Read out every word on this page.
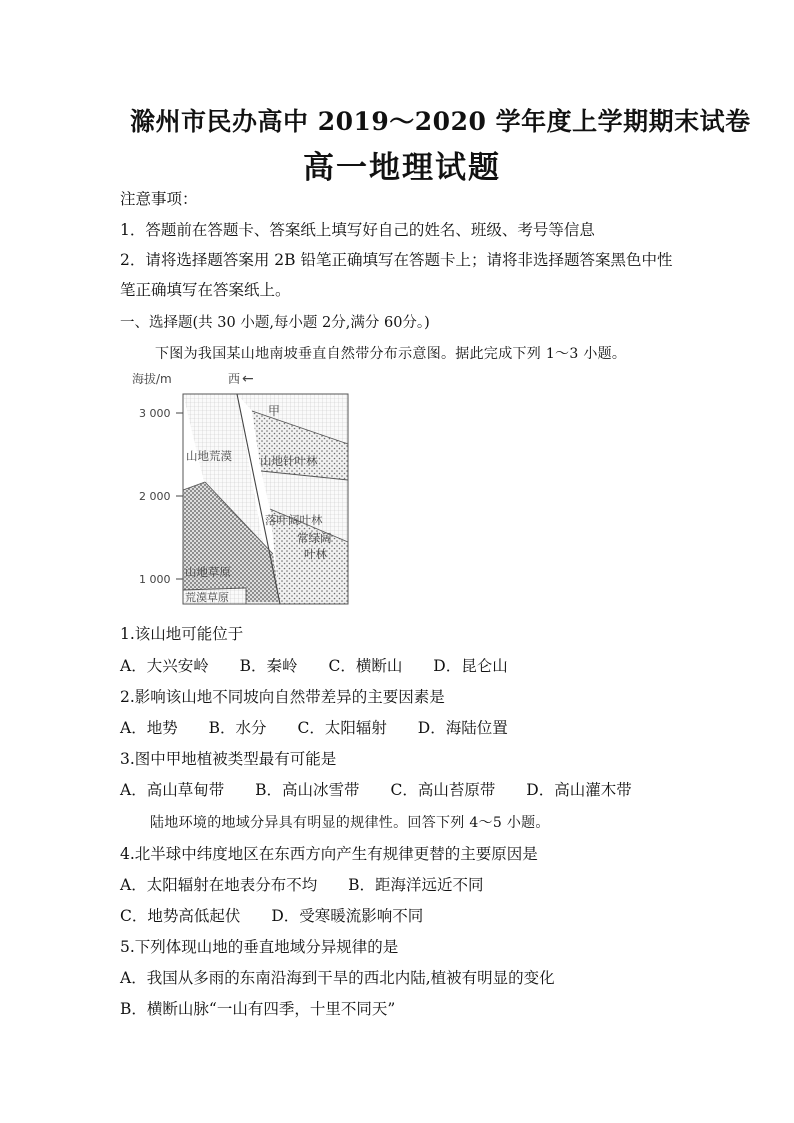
滁州市民办高中 2019～2020 学年度上学期期末试卷
高一地理试题
注意事项：
1．答题前在答题卡、答案纸上填写好自己的姓名、班级、考号等信息
2．请将选择题答案用 2B 铅笔正确填写在答题卡上；请将非选择题答案黑色中性
笔正确填写在答案纸上。
一、选择题(共 30 小题,每小题 2分,满分 60分。)
下图为我国某山地南坡垂直自然带分布示意图。据此完成下列 1～3 小题。
海拔/m	西 ←
3 000
2 000
1 000
甲
山地荒漠 山地针叶林
落叶阔叶林
常绿阔
叶林
山地草原
荒漠草原
1.该山地可能位于
A．大兴安岭 B．秦岭 C．横断山 D．昆仑山
2.影响该山地不同坡向自然带差异的主要因素是
A．地势 B．水分 C．太阳辐射 D．海陆位置
3.图中甲地植被类型最有可能是
A．高山草甸带 B．高山冰雪带 C．高山苔原带 D．高山灌木带
陆地环境的地域分异具有明显的规律性。回答下列 4～5 小题。
4.北半球中纬度地区在东西方向产生有规律更替的主要原因是
A．太阳辐射在地表分布不均 B．距海洋远近不同
C．地势高低起伏 D．受寒暖流影响不同
5.下列体现山地的垂直地域分异规律的是
A．我国从多雨的东南沿海到干旱的西北内陆,植被有明显的变化
B．横断山脉“一山有四季，十里不同天”
